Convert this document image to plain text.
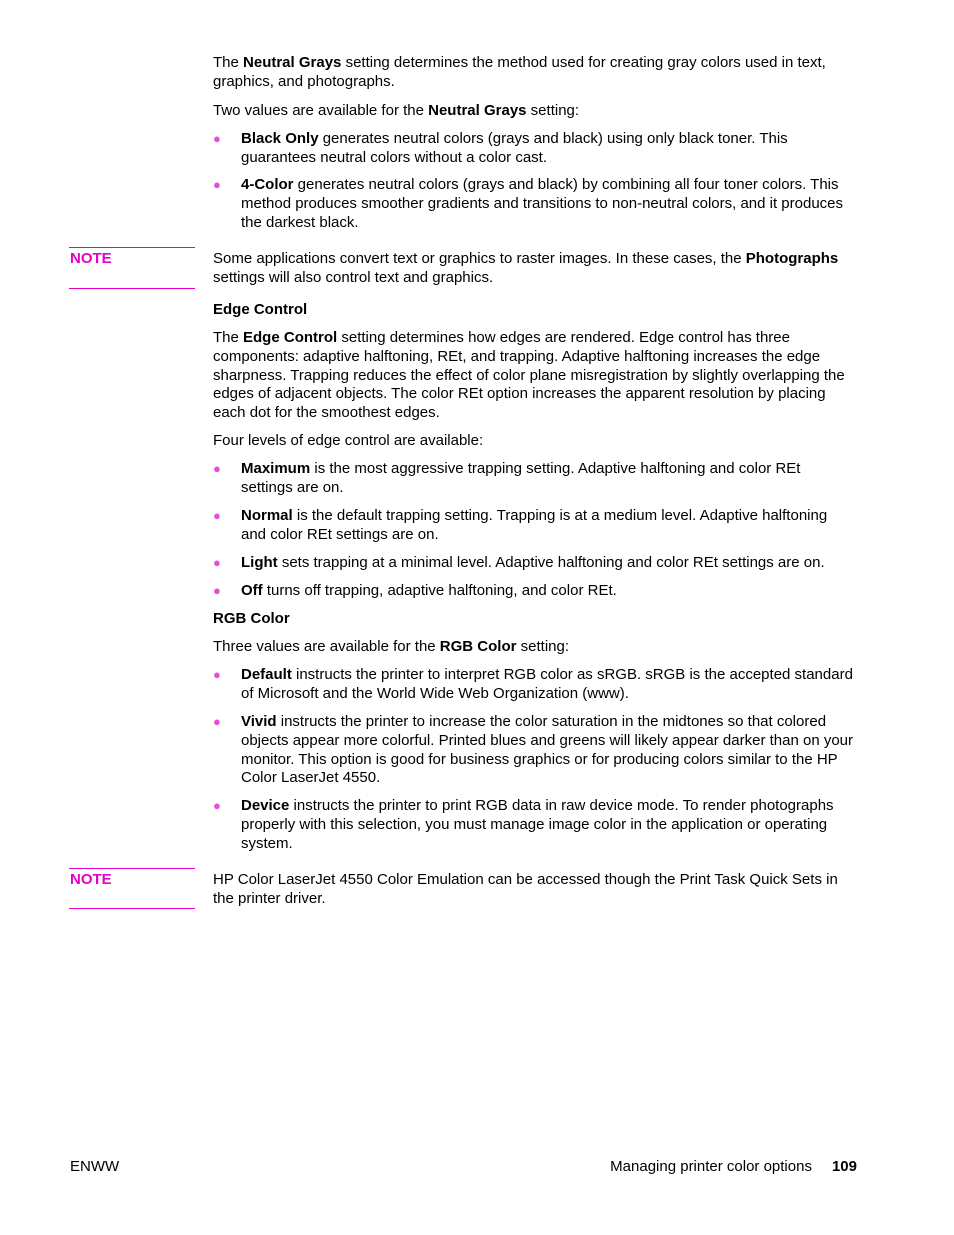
The Neutral Grays setting determines the method used for creating gray colors used in text, graphics, and photographs.

Two values are available for the Neutral Grays setting:

● Black Only generates neutral colors (grays and black) using only black toner. This guarantees neutral colors without a color cast.
● 4-Color generates neutral colors (grays and black) by combining all four toner colors. This method produces smoother gradients and transitions to non-neutral colors, and it produces the darkest black.
NOTE	Some applications convert text or graphics to raster images. In these cases, the Photographs settings will also control text and graphics.

Edge Control

The Edge Control setting determines how edges are rendered. Edge control has three components: adaptive halftoning, REt, and trapping. Adaptive halftoning increases the edge sharpness. Trapping reduces the effect of color plane misregistration by slightly overlapping the edges of adjacent objects. The color REt option increases the apparent resolution by placing each dot for the smoothest edges.

Four levels of edge control are available:

● Maximum is the most aggressive trapping setting. Adaptive halftoning and color REt settings are on.
● Normal is the default trapping setting. Trapping is at a medium level. Adaptive halftoning and color REt settings are on.
● Light sets trapping at a minimal level. Adaptive halftoning and color REt settings are on.
● Off turns off trapping, adaptive halftoning, and color REt.

RGB Color

Three values are available for the RGB Color setting:

● Default instructs the printer to interpret RGB color as sRGB. sRGB is the accepted standard of Microsoft and the World Wide Web Organization (www).
● Vivid instructs the printer to increase the color saturation in the midtones so that colored objects appear more colorful. Printed blues and greens will likely appear darker than on your monitor. This option is good for business graphics or for producing colors similar to the HP Color LaserJet 4550.
● Device instructs the printer to print RGB data in raw device mode. To render photographs properly with this selection, you must manage image color in the application or operating system.
NOTE	HP Color LaserJet 4550 Color Emulation can be accessed though the Print Task Quick Sets in the printer driver.

ENWW	Managing printer color options 109
